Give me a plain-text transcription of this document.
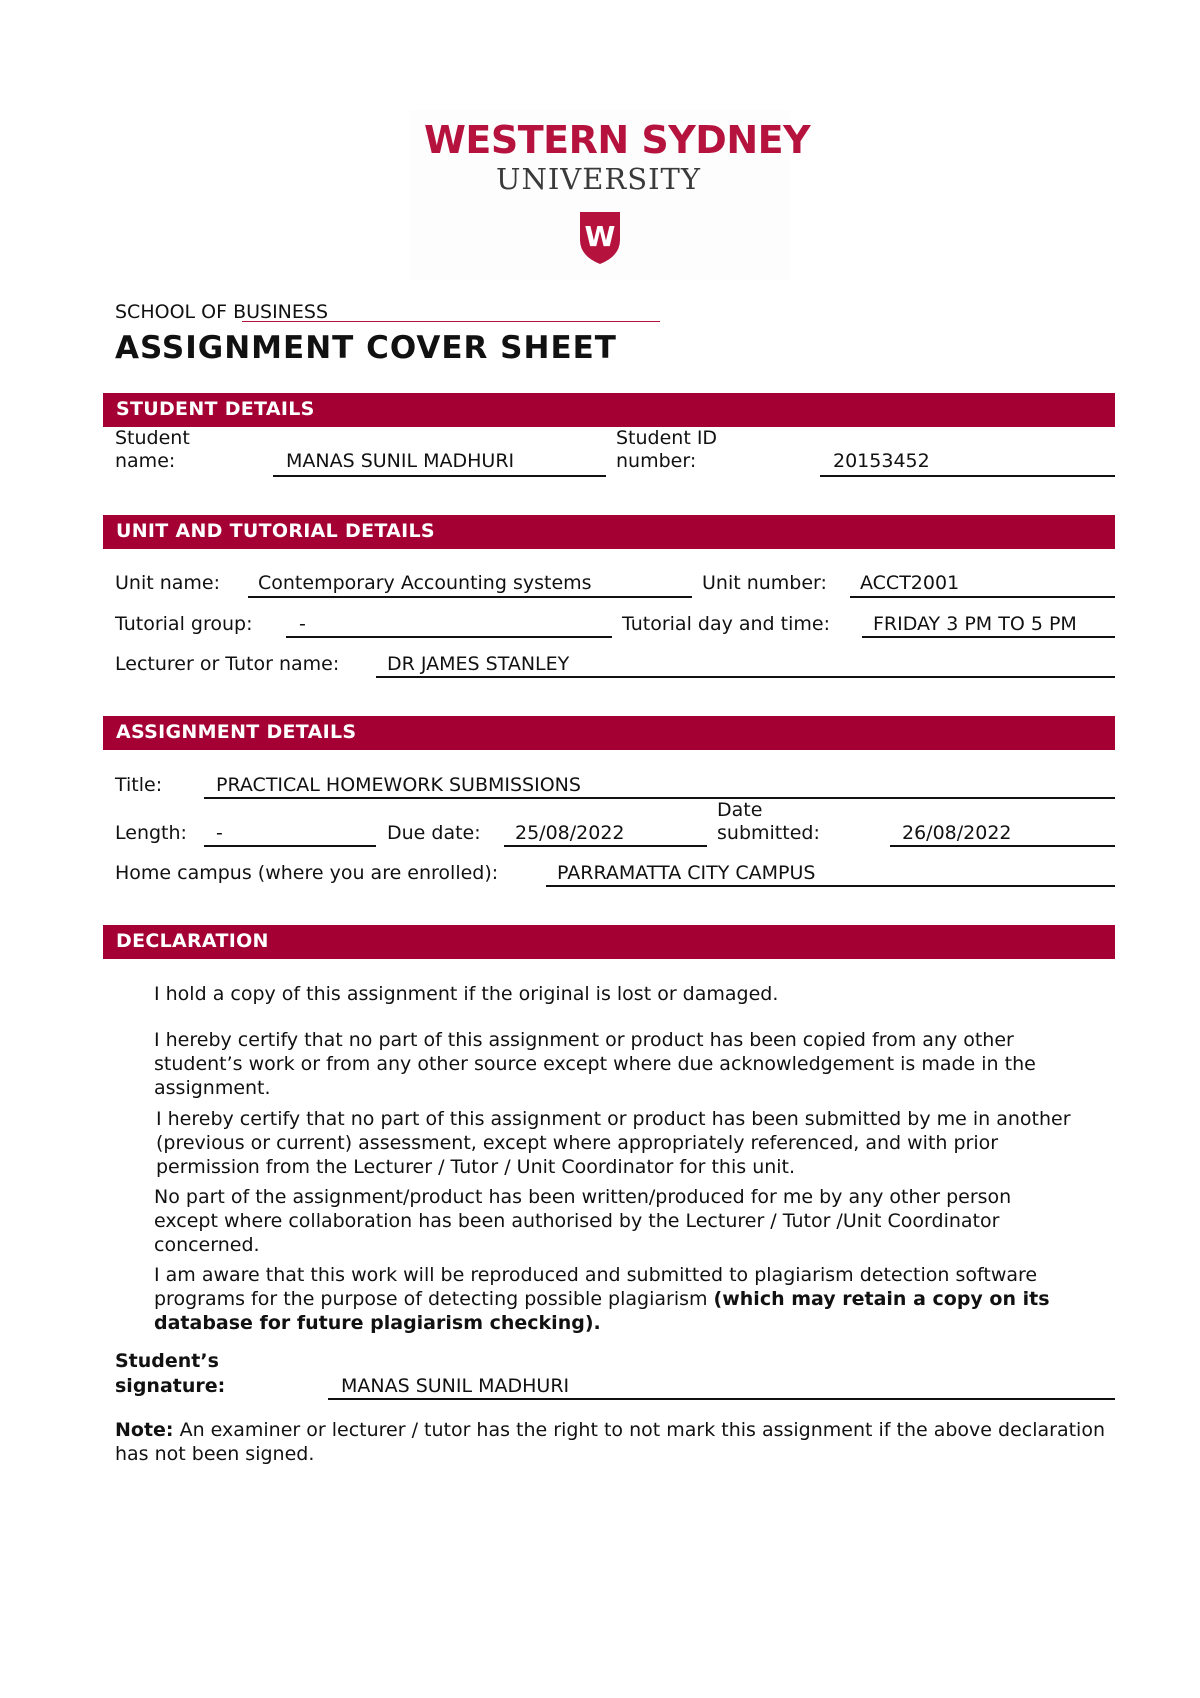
WESTERN SYDNEY
UNIVERSITY
W
SCHOOL OF BUSINESS
ASSIGNMENT COVER SHEET
STUDENT DETAILS
Student
name:	MANAS SUNIL MADHURI
Student ID
number:	20153452
UNIT AND TUTORIAL DETAILS
Unit name: Contemporary Accounting systems	Unit number: ACCT2001
Tutorial group: -	Tutorial day and time: FRIDAY 3 PM TO 5 PM
Lecturer or Tutor name:	DR JAMES STANLEY
ASSIGNMENT DETAILS
Title:	PRACTICAL HOMEWORK SUBMISSIONS
Length: -	Due date: 25/08/2022
Date
submitted:	26/08/2022
Home campus (where you are enrolled):	PARRAMATTA CITY CAMPUS
DECLARATION
I hold a copy of this assignment if the original is lost or damaged.
I hereby certify that no part of this assignment or product has been copied from any other student’s work or from any other source except where due acknowledgement is made in the assignment.
I hereby certify that no part of this assignment or product has been submitted by me in another (previous or current) assessment, except where appropriately referenced, and with prior permission from the Lecturer / Tutor / Unit Coordinator for this unit.
No part of the assignment/product has been written/produced for me by any other person except where collaboration has been authorised by the Lecturer / Tutor /Unit Coordinator concerned.
I am aware that this work will be reproduced and submitted to plagiarism detection software programs for the purpose of detecting possible plagiarism (which may retain a copy on its database for future plagiarism checking).
Student’s
signature:	MANAS SUNIL MADHURI
Note: An examiner or lecturer / tutor has the right to not mark this assignment if the above declaration has not been signed.
